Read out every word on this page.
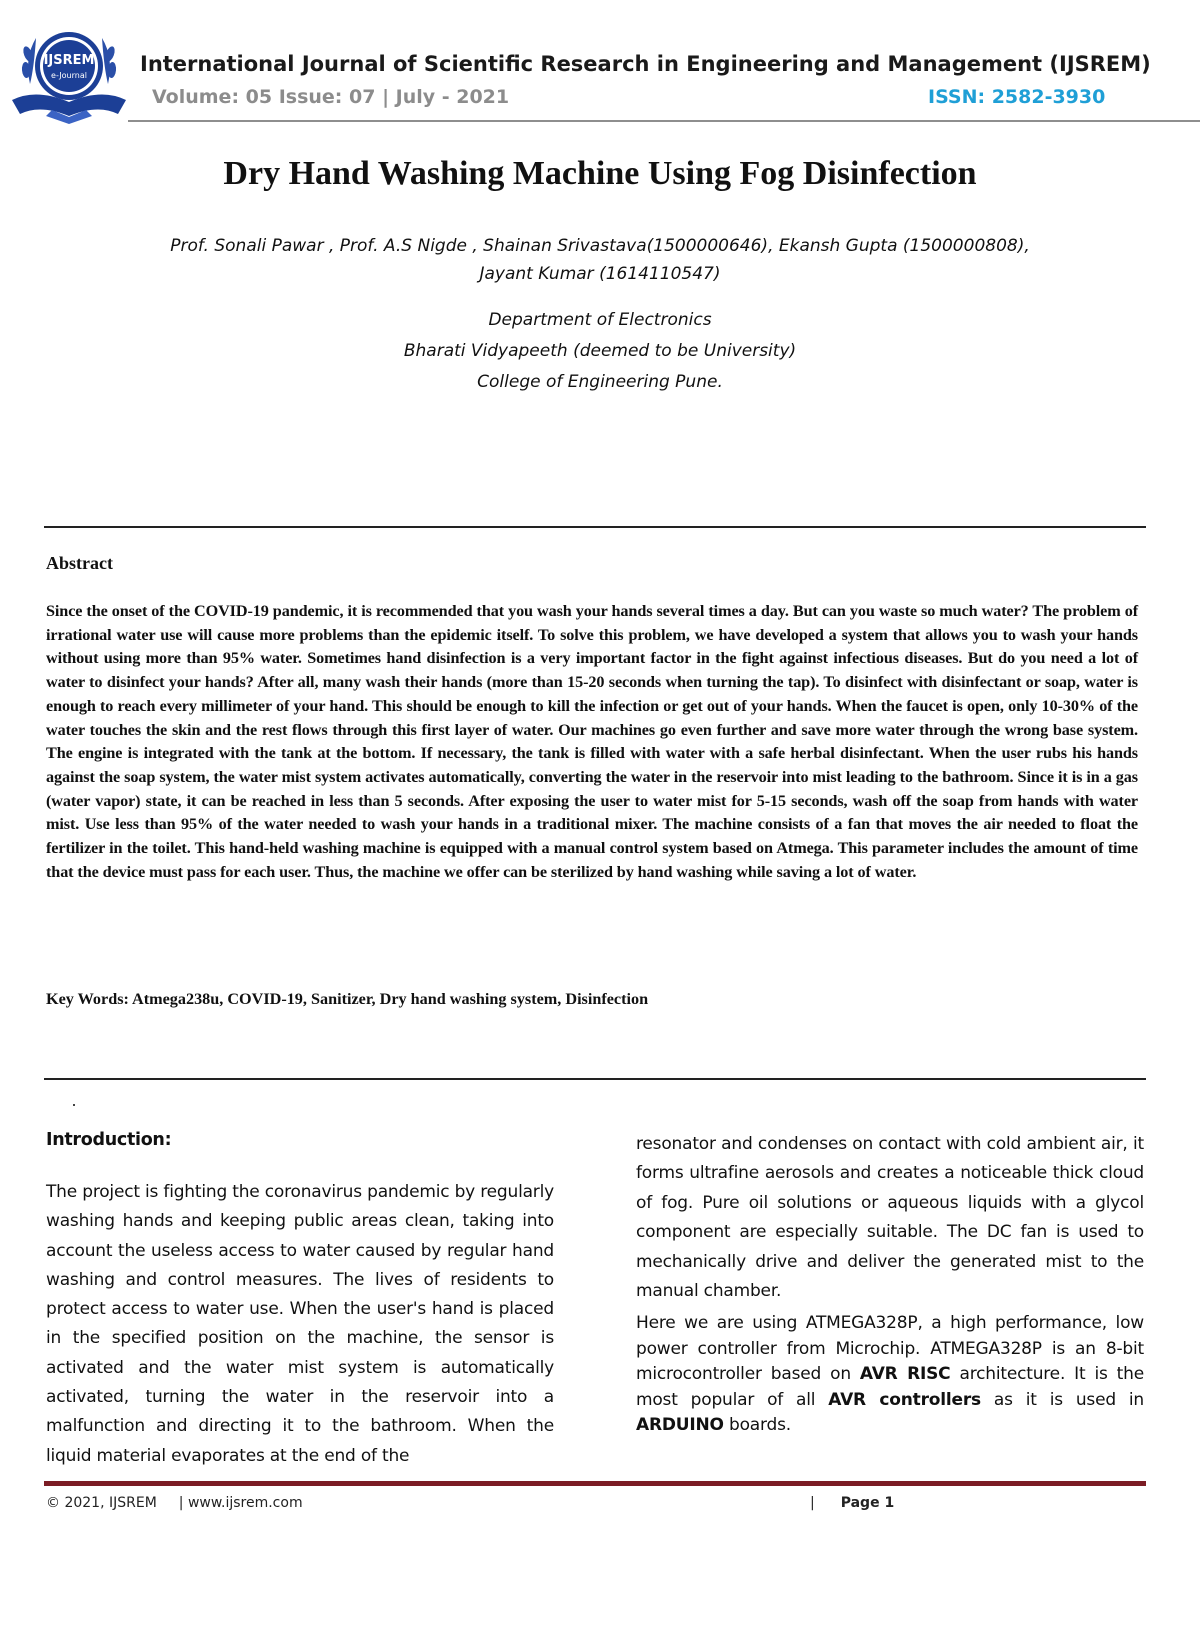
IJSREM
e-Journal	International Journal of Scientific Research in Engineering and Management (IJSREM)
Volume: 05 Issue: 07 | July - 2021	ISSN: 2582-3930
Dry Hand Washing Machine Using Fog Disinfection
Prof. Sonali Pawar , Prof. A.S Nigde , Shainan Srivastava(1500000646), Ekansh Gupta (1500000808),
Jayant Kumar (1614110547)
Department of Electronics
Bharati Vidyapeeth (deemed to be University)
College of Engineering Pune.
Abstract
Since the onset of the COVID-19 pandemic, it is recommended that you wash your hands several times a day. But can you waste so much water? The problem of irrational water use will cause more problems than the epidemic itself. To solve this problem, we have developed a system that allows you to wash your hands without using more than 95% water. Sometimes hand disinfection is a very important factor in the fight against infectious diseases. But do you need a lot of water to disinfect your hands? After all, many wash their hands (more than 15-20 seconds when turning the tap). To disinfect with disinfectant or soap, water is enough to reach every millimeter of your hand. This should be enough to kill the infection or get out of your hands. When the faucet is open, only 10-30% of the water touches the skin and the rest flows through this first layer of water. Our machines go even further and save more water through the wrong base system. The engine is integrated with the tank at the bottom. If necessary, the tank is filled with water with a safe herbal disinfectant. When the user rubs his hands against the soap system, the water mist system activates automatically, converting the water in the reservoir into mist leading to the bathroom. Since it is in a gas (water vapor) state, it can be reached in less than 5 seconds. After exposing the user to water mist for 5-15 seconds, wash off the soap from hands with water mist. Use less than 95% of the water needed to wash your hands in a traditional mixer. The machine consists of a fan that moves the air needed to float the fertilizer in the toilet. This hand-held washing machine is equipped with a manual control system based on Atmega. This parameter includes the amount of time that the device must pass for each user. Thus, the machine we offer can be sterilized by hand washing while saving a lot of water.
Key Words: Atmega238u, COVID-19, Sanitizer, Dry hand washing system, Disinfection
Introduction:

The project is fighting the coronavirus pandemic by regularly washing hands and keeping public areas clean, taking into account the useless access to water caused by regular hand washing and control measures. The lives of residents to protect access to water use. When the user's hand is placed in the specified position on the machine, the sensor is activated and the water mist system is automatically activated, turning the water in the reservoir into a malfunction and directing it to the bathroom. When the liquid material evaporates at the end of the

resonator and condenses on contact with cold ambient air, it forms ultrafine aerosols and creates a noticeable thick cloud of fog. Pure oil solutions or aqueous liquids with a glycol component are especially suitable. The DC fan is used to mechanically drive and deliver the generated mist to the manual chamber.

Here we are using ATMEGA328P, a high performance, low power controller from Microchip. ATMEGA328P is an 8-bit microcontroller based on AVR RISC architecture. It is the most popular of all AVR controllers as it is used in ARDUINO boards.

© 2021, IJSREM | www.ijsrem.com	| Page 1
